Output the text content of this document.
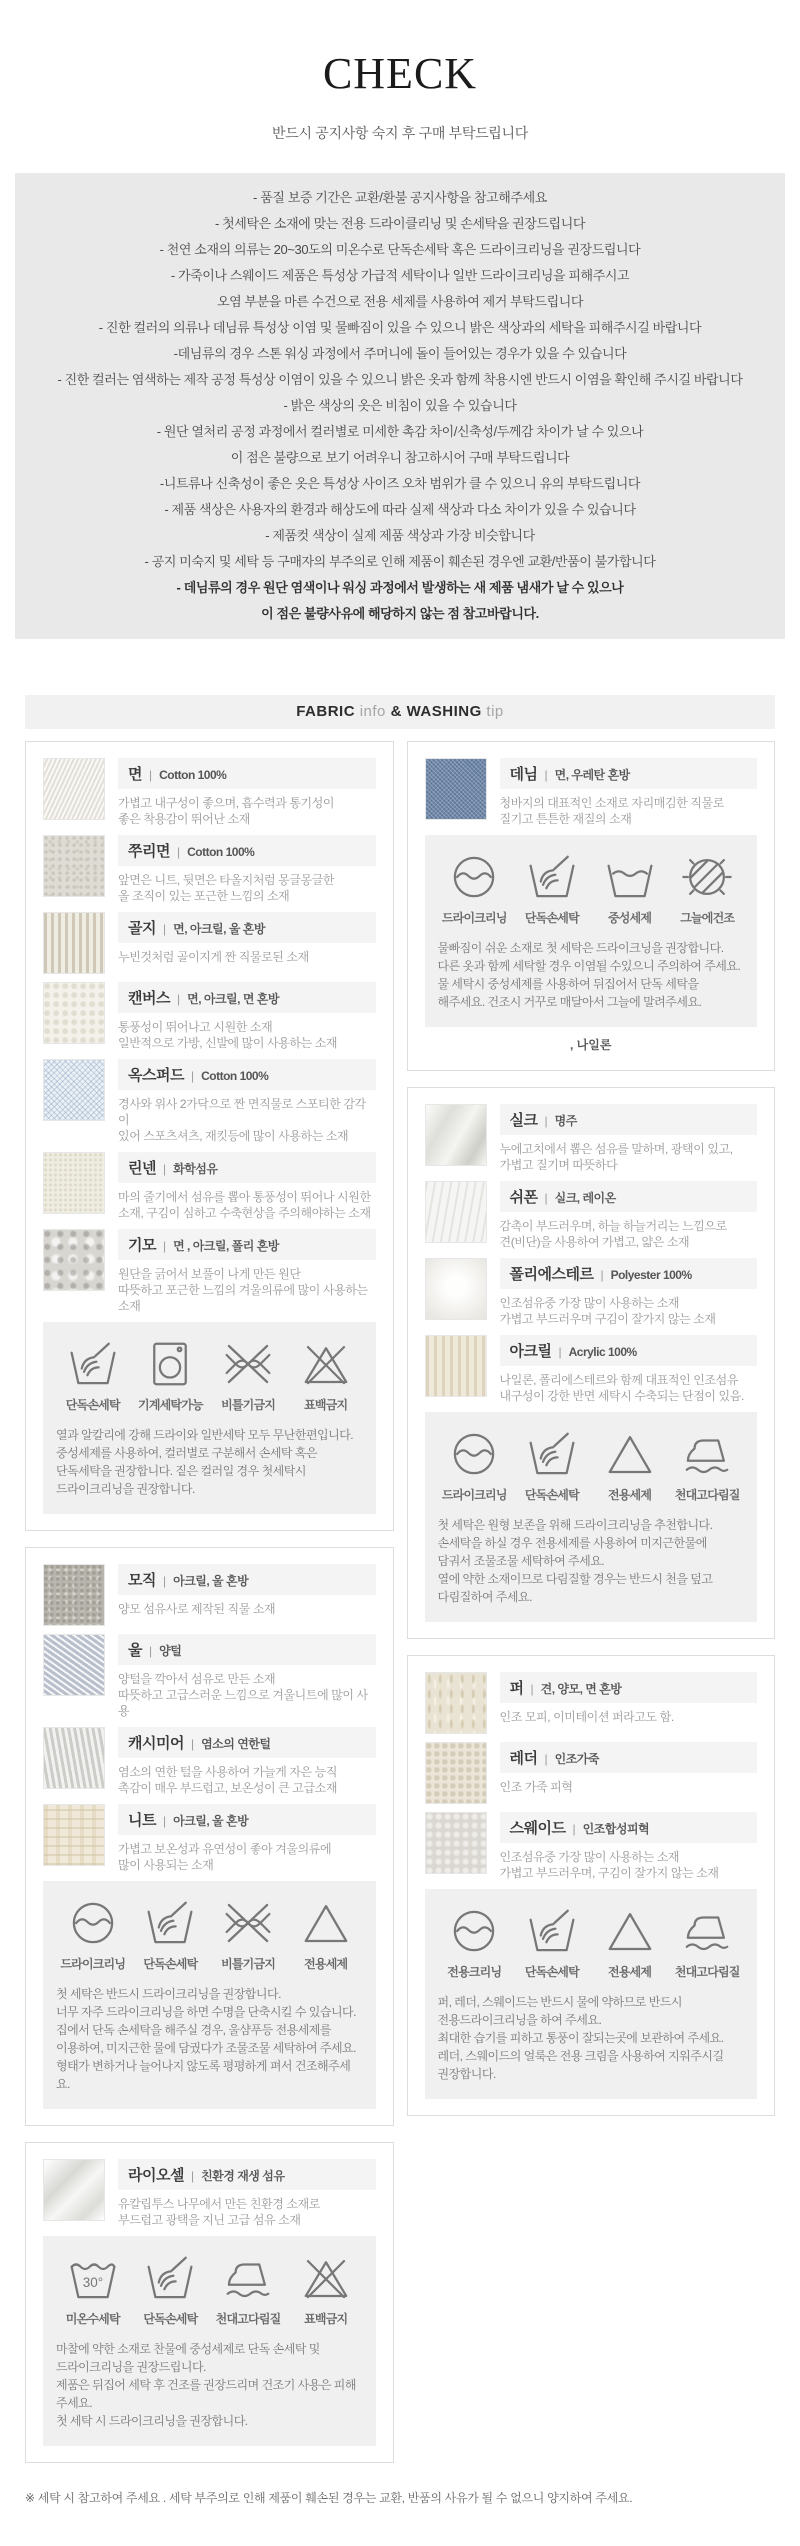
CHECK

반드시 공지사항 숙지 후 구매 부탁드립니다

- 품질 보증 기간은 교환/환불 공지사항을 참고해주세요
- 첫세탁은 소재에 맞는 전용 드라이클리닝 및 손세탁을 권장드립니다
- 천연 소재의 의류는 20~30도의 미온수로 단독손세탁 혹은 드라이크리닝을 권장드립니다
- 가죽이나 스웨이드 제품은 특성상 가급적 세탁이나 일반 드라이크리닝을 피해주시고
오염 부분을 마른 수건으로 전용 세제를 사용하여 제거 부탁드립니다
- 진한 컬러의 의류나 데님류 특성상 이염 및 물빠짐이 있을 수 있으니 밝은 색상과의 세탁을 피해주시길 바랍니다
-데님류의 경우 스톤 워싱 과정에서 주머니에 돌이 들어있는 경우가 있을 수 있습니다
- 진한 컬러는 염색하는 제작 공정 특성상 이염이 있을 수 있으니 밝은 옷과 함께 착용시엔 반드시 이염을 확인해 주시길 바랍니다
- 밝은 색상의 옷은 비침이 있을 수 있습니다
- 원단 열처리 공정 과정에서 컬러별로 미세한 촉감 차이/신축성/두께감 차이가 날 수 있으나
이 점은 불량으로 보기 어려우니 참고하시어 구매 부탁드립니다
-니트류나 신축성이 좋은 옷은 특성상 사이즈 오차 범위가 클 수 있으니 유의 부탁드립니다
- 제품 색상은 사용자의 환경과 해상도에 따라 실제 색상과 다소 차이가 있을 수 있습니다
- 제품컷 색상이 실제 제품 색상과 가장 비슷합니다
- 공지 미숙지 및 세탁 등 구매자의 부주의로 인해 제품이 훼손된 경우엔 교환/반품이 불가합니다
- 데님류의 경우 원단 염색이나 워싱 과정에서 발생하는 새 제품 냄새가 날 수 있으나
이 점은 불량사유에 해당하지 않는 점 참고바랍니다.
FABRIC info & WASHING tip
면 | Cotton 100%
가볍고 내구성이 좋으며, 흡수력과 통기성이
좋은 착용감이 뛰어난 소재
쭈리면 | Cotton 100%
앞면은 니트, 뒷면은 타올지처럼 몽글몽글한
올 조직이 있는 포근한 느낌의 소재
골지 | 면, 아크릴, 울 혼방
누빈것처럼 골이지게 짠 직물로된 소재
캔버스 | 면, 아크릴, 면 혼방
통풍성이 뛰어나고 시원한 소재
일반적으로 가방, 신발에 많이 사용하는 소재
옥스퍼드 | Cotton 100%
경사와 위사 2가닥으로 짠 면직물로 스포티한 감각이
있어 스포츠셔츠, 재킷등에 많이 사용하는 소재
린넨 | 화학섬유
마의 줄기에서 섬유를 뽑아 통풍성이 뛰어나 시원한
소재, 구김이 심하고 수축현상을 주의해야하는 소재
기모 | 면 , 아크릴, 폴리 혼방
원단을 긁어서 보풀이 나게 만든 원단
따뜻하고 포근한 느낌의 겨울의류에 많이 사용하는 소재
단독손세탁 기계세탁가능 비틀기금지 표백금지
열과 알칼리에 강해 드라이와 일반세탁 모두 무난한편입니다.
중성세제를 사용하여, 컬러별로 구분해서 손세탁 혹은
단독세탁을 권장합니다. 짙은 컬러일 경우 첫세탁시
드라이크리닝을 권장합니다.
모직 | 아크릴, 울 혼방
양모 섬유사로 제작된 직물 소재
울 | 양털
양털을 깍아서 섬유로 만든 소재
따뜻하고 고급스러운 느낌으로 겨울니트에 많이 사용
캐시미어 | 염소의 연한털
염소의 연한 털을 사용하여 가늘게 자은 능직
촉감이 매우 부드럽고, 보온성이 큰 고급소재
니트 | 아크릴, 울 혼방
가볍고 보온성과 유연성이 좋아 겨울의류에
많이 사용되는 소재
드라이크리닝 단독손세탁 비틀기금지 전용세제
첫 세탁은 반드시 드라이크리닝을 권장합니다.
너무 자주 드라이크리닝을 하면 수명을 단축시킬 수 있습니다.
집에서 단독 손세탁을 해주실 경우, 울샴푸등 전용세제를
이용하여, 미지근한 물에 담궜다가 조물조물 세탁하여 주세요.
형태가 변하거나 늘어나지 않도록 평평하게 펴서 건조해주세요.
라이오셀 | 친환경 재생 섬유
유칼립투스 나무에서 만든 친환경 소재로
부드럽고 광택을 지닌 고급 섬유 소재
30°
미온수세탁 단독손세탁 천대고다림질 표백금지
마찰에 약한 소재로 찬물에 중성세제로 단독 손세탁 및
드라이크리닝을 권장드립니다.
제품은 뒤집어 세탁 후 건조를 권장드리며 건조기 사용은 피해주세요.
첫 세탁 시 드라이크리닝을 권장합니다.
데님 | 면, 우레탄 혼방
청바지의 대표적인 소재로 자리매김한 직물로
질기고 튼튼한 재질의 소재
드라이크리닝 단독손세탁 중성세제 그늘에건조
물빠짐이 쉬운 소재로 첫 세탁은 드라이크닝을 권장합니다.
다른 옷과 함께 세탁할 경우 이염될 수있으니 주의하여 주세요.
물 세탁시 중성세제를 사용하여 뒤집어서 단독 세탁을
해주세요. 건조시 거꾸로 매달아서 그늘에 말려주세요.
, 나일론
실크 | 명주
누에고치에서 뽑은 섬유를 말하며, 광택이 있고,
가볍고 질기며 따뜻하다
쉬폰 | 실크, 레이온
감촉이 부드러우며, 하늘 하늘거리는 느낌으로
견(비단)을 사용하여 가볍고, 얇은 소재
폴리에스테르 | Polyester 100%
인조섬유중 가장 많이 사용하는 소재
가볍고 부드러우며 구김이 잘가지 않는 소재
아크릴 | Acrylic 100%
나일론, 폴리에스테르와 함께 대표적인 인조섬유
내구성이 강한 반면 세탁시 수축되는 단점이 있음.
드라이크리닝 단독손세탁 전용세제 천대고다림질
첫 세탁은 원형 보존을 위해 드라이크리닝을 추천합니다.
손세탁을 하실 경우 전용세제를 사용하여 미지근한물에
담궈서 조물조물 세탁하여 주세요.
열에 약한 소재이므로 다림질할 경우는 반드시 천을 덮고
다림질하여 주세요.
퍼 | 견, 양모, 면 혼방
인조 모피, 이미테이션 퍼라고도 함.
레더 | 인조가죽
인조 가죽 피혁
스웨이드 | 인조합성피혁
인조섬유중 가장 많이 사용하는 소재
가볍고 부드러우며, 구김이 잘가지 않는 소재
전용크리닝 단독손세탁 전용세제 천대고다림질
퍼, 레더, 스웨이드는 반드시 물에 약하므로 반드시
전용드라이크리닝을 하여 주세요.
최대한 습기를 피하고 통풍이 잘되는곳에 보관하여 주세요.
레더, 스웨이드의 얼룩은 전용 크림을 사용하여 지워주시길
권장합니다.

※ 세탁 시 참고하여 주세요 . 세탁 부주의로 인해 제품이 훼손된 경우는 교환, 반품의 사유가 될 수 없으니 양지하여 주세요.
